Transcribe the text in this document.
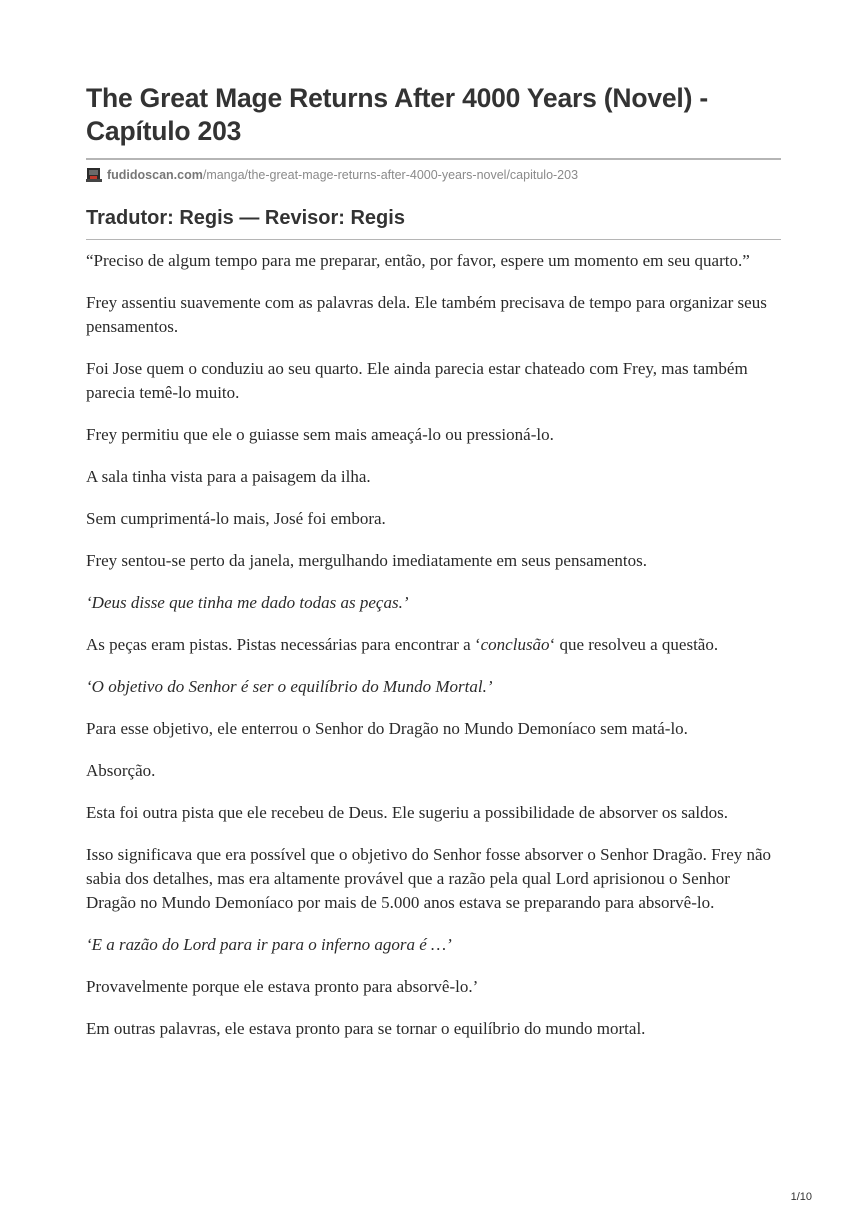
The Great Mage Returns After 4000 Years (Novel) - Capítulo 203
fudidoscan.com /manga/the-great-mage-returns-after-4000-years-novel/capitulo-203
Tradutor: Regis — Revisor: Regis

“Preciso de algum tempo para me preparar, então, por favor, espere um momento em seu quarto.”

Frey assentiu suavemente com as palavras dela. Ele também precisava de tempo para organizar seus pensamentos.

Foi Jose quem o conduziu ao seu quarto. Ele ainda parecia estar chateado com Frey, mas também parecia temê-lo muito.

Frey permitiu que ele o guiasse sem mais ameaçá-lo ou pressioná-lo.

A sala tinha vista para a paisagem da ilha.

Sem cumprimentá-lo mais, José foi embora.

Frey sentou-se perto da janela, mergulhando imediatamente em seus pensamentos.

‘Deus disse que tinha me dado todas as peças.’

As peças eram pistas. Pistas necessárias para encontrar a ‘conclusão‘ que resolveu a questão.

‘O objetivo do Senhor é ser o equilíbrio do Mundo Mortal.’

Para esse objetivo, ele enterrou o Senhor do Dragão no Mundo Demoníaco sem matá-lo.

Absorção.

Esta foi outra pista que ele recebeu de Deus. Ele sugeriu a possibilidade de absorver os saldos.

Isso significava que era possível que o objetivo do Senhor fosse absorver o Senhor Dragão. Frey não sabia dos detalhes, mas era altamente provável que a razão pela qual Lord aprisionou o Senhor Dragão no Mundo Demoníaco por mais de 5.000 anos estava se preparando para absorvê-lo.

‘E a razão do Lord para ir para o inferno agora é …’

Provavelmente porque ele estava pronto para absorvê-lo.’

Em outras palavras, ele estava pronto para se tornar o equilíbrio do mundo mortal.

1/10
